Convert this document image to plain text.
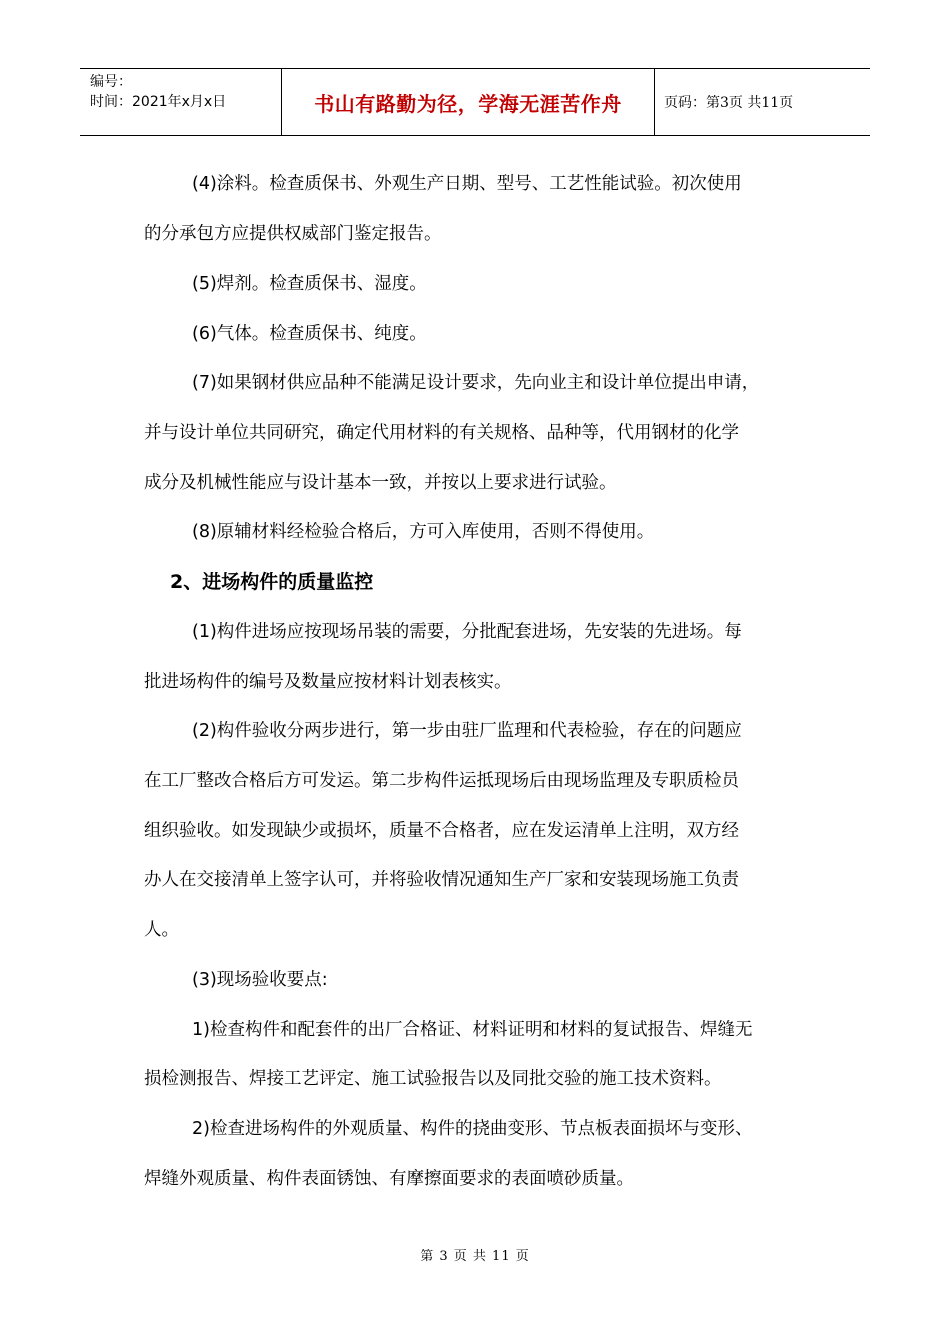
编号：
时间：2021年x月x日	书山有路勤为径，学海无涯苦作舟	页码：第3页 共11页

(4)涂料。检查质保书、外观生产日期、型号、工艺性能试验。初次使用

的分承包方应提供权威部门鉴定报告。

(5)焊剂。检查质保书、湿度。

(6)气体。检查质保书、纯度。

(7)如果钢材供应品种不能满足设计要求，先向业主和设计单位提出申请，

并与设计单位共同研究，确定代用材料的有关规格、品种等，代用钢材的化学

成分及机械性能应与设计基本一致，并按以上要求进行试验。

(8)原辅材料经检验合格后，方可入库使用，否则不得使用。

2、进场构件的质量监控

(1)构件进场应按现场吊装的需要，分批配套进场，先安装的先进场。每

批进场构件的编号及数量应按材料计划表核实。

(2)构件验收分两步进行，第一步由驻厂监理和代表检验，存在的问题应

在工厂整改合格后方可发运。第二步构件运抵现场后由现场监理及专职质检员

组织验收。如发现缺少或损坏，质量不合格者，应在发运清单上注明，双方经

办人在交接清单上签字认可，并将验收情况通知生产厂家和安装现场施工负责

人。

(3)现场验收要点:

1)检查构件和配套件的出厂合格证、材料证明和材料的复试报告、焊缝无

损检测报告、焊接工艺评定、施工试验报告以及同批交验的施工技术资料。

2)检查进场构件的外观质量、构件的挠曲变形、节点板表面损坏与变形、

焊缝外观质量、构件表面锈蚀、有摩擦面要求的表面喷砂质量。

第 3 页 共 11 页
